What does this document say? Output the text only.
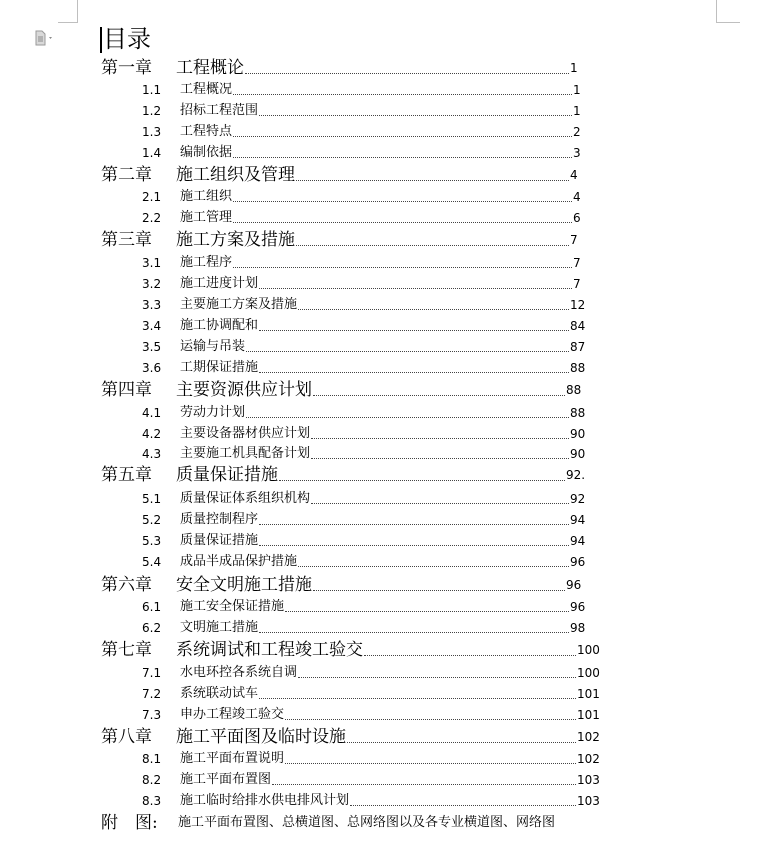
目录
第一章 工程概论	1
1.1 工程概况	1
1.2 招标工程范围	1
1.3 工程特点	2
1.4 编制依据	3
第二章 施工组织及管理	4
2.1 施工组织	4
2.2 施工管理	6
第三章 施工方案及措施	7
3.1 施工程序	7
3.2 施工进度计划	7
3.3 主要施工方案及措施	12
3.4 施工协调配和	84
3.5 运输与吊装	87
3.6 工期保证措施	88
第四章 主要资源供应计划	88
4.1 劳动力计划	88
4.2 主要设备器材供应计划	90
4.3 主要施工机具配备计划	90
第五章 质量保证措施	92.
5.1 质量保证体系组织机构	92
5.2 质量控制程序	94
5.3 质量保证措施	94
5.4 成品半成品保护措施	96
第六章 安全文明施工措施	96
6.1 施工安全保证措施	96
6.2 文明施工措施	98
第七章 系统调试和工程竣工验交	100
7.1 水电环控各系统自调	100
7.2 系统联动试车	101
7.3 申办工程竣工验交	101
第八章 施工平面图及临时设施	102
8.1 施工平面布置说明	102
8.2 施工平面布置图	103
8.3 施工临时给排水供电排风计划	103
附　图: 施工平面布置图、总横道图、总网络图以及各专业横道图、网络图
